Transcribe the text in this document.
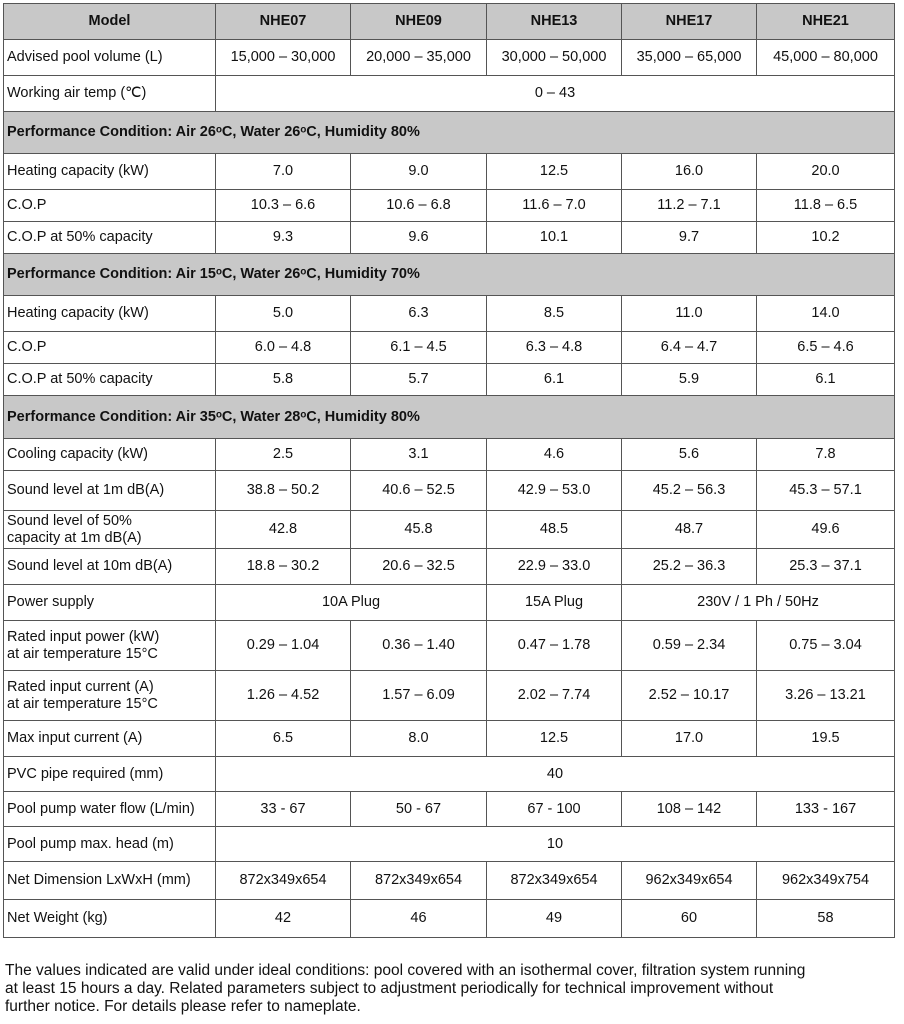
Model	NHE07	NHE09	NHE13	NHE17	NHE21
Advised pool volume (L)	15,000 – 30,000	20,000 – 35,000	30,000 – 50,000	35,000 – 65,000	45,000 – 80,000
Working air temp (℃)	0 – 43				
Performance Condition: Air 26ᵒC, Water 26ᵒC, Humidity 80%					
Heating capacity (kW)	7.0	9.0	12.5	16.0	20.0
C.O.P	10.3 – 6.6	10.6 – 6.8	11.6 – 7.0	11.2 – 7.1	11.8 – 6.5
C.O.P at 50% capacity	9.3	9.6	10.1	9.7	10.2
Performance Condition: Air 15ᵒC, Water 26ᵒC, Humidity 70%					
Heating capacity (kW)	5.0	6.3	8.5	11.0	14.0
C.O.P	6.0 – 4.8	6.1 – 4.5	6.3 – 4.8	6.4 – 4.7	6.5 – 4.6
C.O.P at 50% capacity	5.8	5.7	6.1	5.9	6.1
Performance Condition: Air 35ᵒC, Water 28ᵒC, Humidity 80%					
Cooling capacity (kW)	2.5	3.1	4.6	5.6	7.8
Sound level at 1m dB(A)	38.8 – 50.2	40.6 – 52.5	42.9 – 53.0	45.2 – 56.3	45.3 – 57.1
Sound level of 50%
capacity at 1m dB(A)	42.8	45.8	48.5	48.7	49.6
Sound level at 10m dB(A)	18.8 – 30.2	20.6 – 32.5	22.9 – 33.0	25.2 – 36.3	25.3 – 37.1
Power supply	10A Plug		15A Plug	230V / 1 Ph / 50Hz	
Rated input power (kW)
at air temperature 15°C	0.29 – 1.04	0.36 – 1.40	0.47 – 1.78	0.59 – 2.34	0.75 – 3.04
Rated input current (A)
at air temperature 15°C	1.26 – 4.52	1.57 – 6.09	2.02 – 7.74	2.52 – 10.17	3.26 – 13.21
Max input current (A)	6.5	8.0	12.5	17.0	19.5
PVC pipe required (mm)	40				
Pool pump water flow (L/min)	33 - 67	50 - 67	67 - 100	108 – 142	133 - 167
Pool pump max. head (m)	10				
Net Dimension LxWxH (mm)	872x349x654	872x349x654	872x349x654	962x349x654	962x349x754
Net Weight (kg)	42	46	49	60	58

The values indicated are valid under ideal conditions: pool covered with an isothermal cover, filtration system running
at least 15 hours a day. Related parameters subject to adjustment periodically for technical improvement without
further notice. For details please refer to nameplate.
